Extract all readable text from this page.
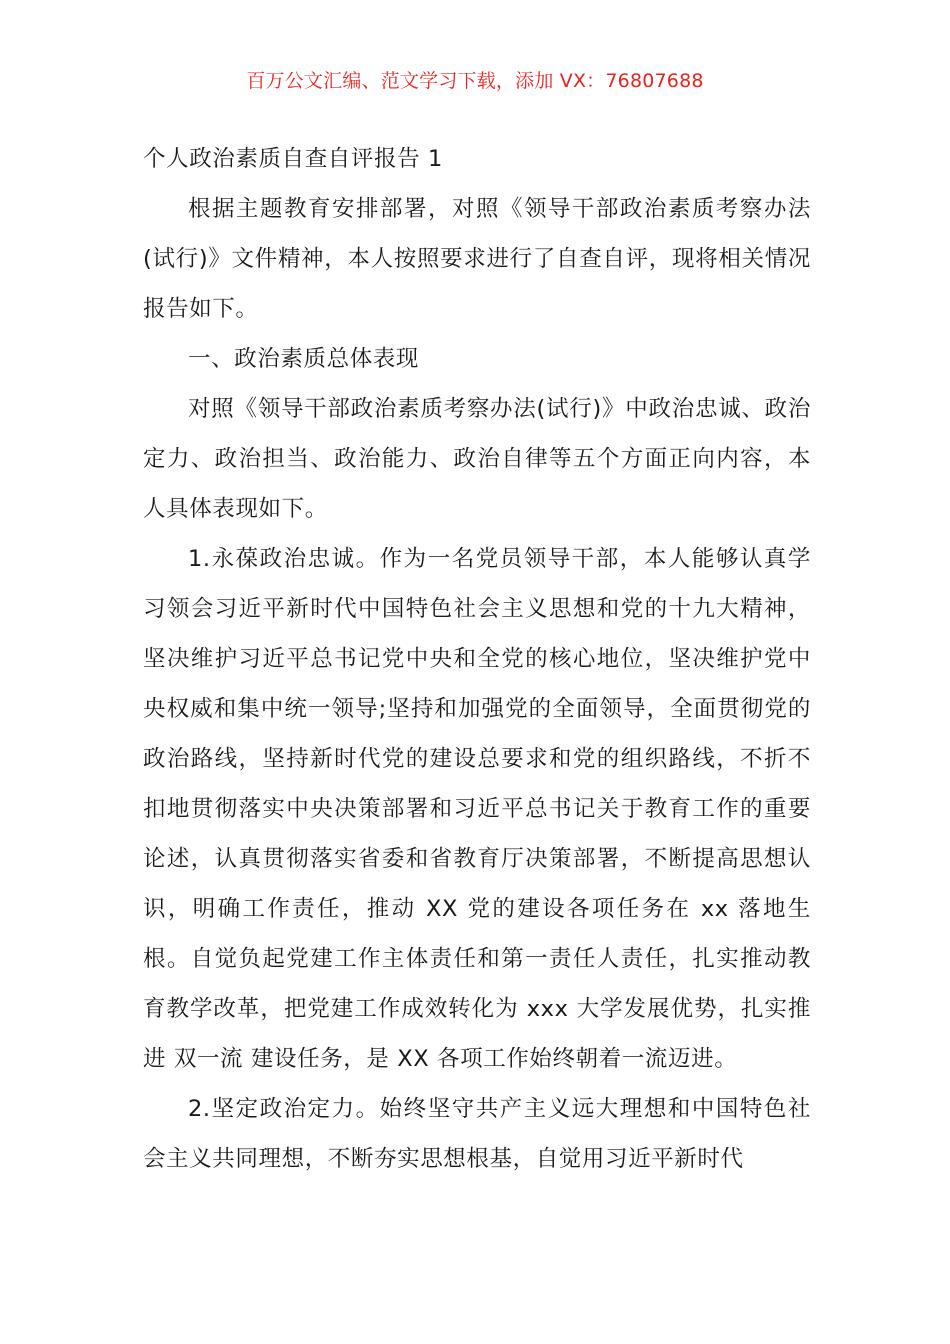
百万公文汇编、范文学习下载，添加 VX：76807688

个人政治素质自查自评报告 1

根据主题教育安排部署，对照《领导干部政治素质考察办法(试行)》文件精神，本人按照要求进行了自查自评，现将相关情况报告如下。

一、政治素质总体表现

对照《领导干部政治素质考察办法(试行)》中政治忠诚、政治定力、政治担当、政治能力、政治自律等五个方面正向内容，本人具体表现如下。

1.永葆政治忠诚。作为一名党员领导干部，本人能够认真学习领会习近平新时代中国特色社会主义思想和党的十九大精神，坚决维护习近平总书记党中央和全党的核心地位，坚决维护党中央权威和集中统一领导;坚持和加强党的全面领导，全面贯彻党的政治路线，坚持新时代党的建设总要求和党的组织路线，不折不扣地贯彻落实中央决策部署和习近平总书记关于教育工作的重要论述，认真贯彻落实省委和省教育厅决策部署，不断提高思想认识，明确工作责任，推动 XX 党的建设各项任务在 xx 落地生根。自觉负起党建工作主体责任和第一责任人责任，扎实推动教育教学改革，把党建工作成效转化为 xxx 大学发展优势，扎实推进 双一流 建设任务，是 XX 各项工作始终朝着一流迈进。

2.坚定政治定力。始终坚守共产主义远大理想和中国特色社会主义共同理想，不断夯实思想根基，自觉用习近平新时代
